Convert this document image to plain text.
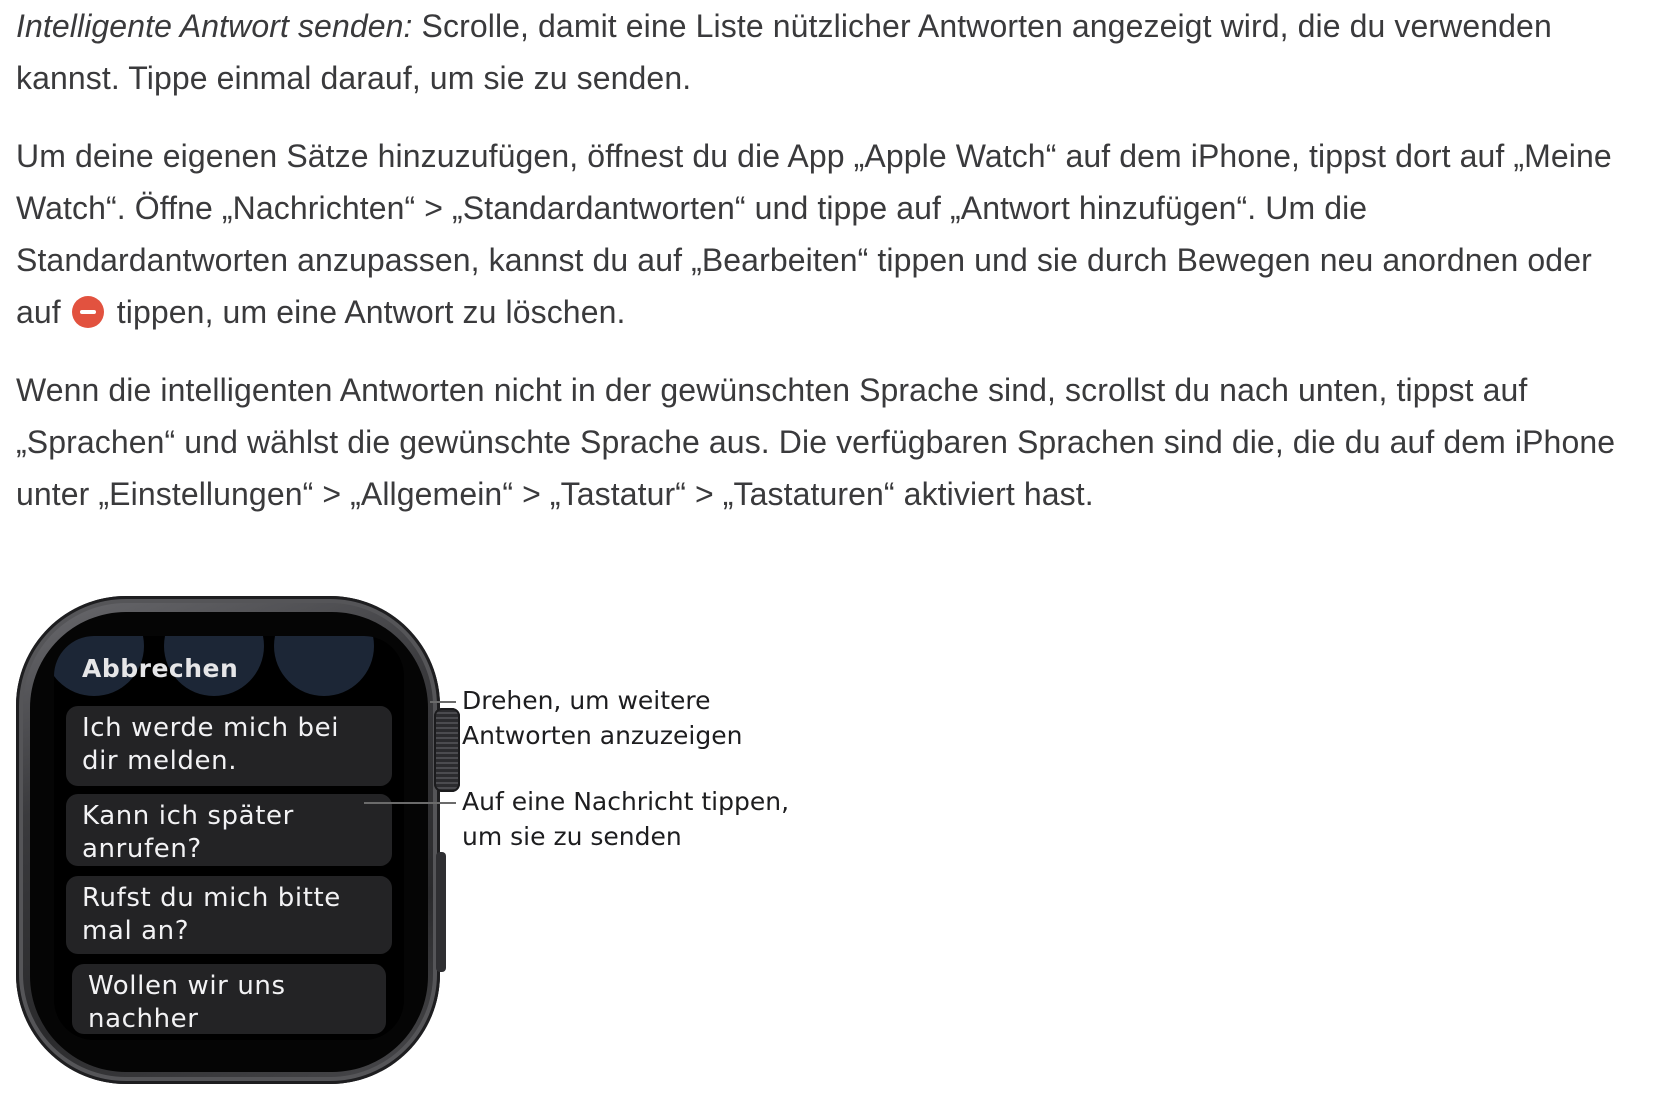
Intelligente Antwort senden: Scrolle, damit eine Liste nützlicher Antworten angezeigt wird, die du verwenden kannst. Tippe einmal darauf, um sie zu senden.

Um deine eigenen Sätze hinzuzufügen, öffnest du die App „Apple Watch“ auf dem iPhone, tippst dort auf „Meine Watch“. Öffne „Nachrichten“ > „Standardantworten“ und tippe auf „Antwort hinzufügen“. Um die Standardantworten anzupassen, kannst du auf „Bearbeiten“ tippen und sie durch Bewegen neu anordnen oder auf  tippen, um eine Antwort zu löschen.

Wenn die intelligenten Antworten nicht in der gewünschten Sprache sind, scrollst du nach unten, tippst auf „Sprachen“ und wählst die gewünschte Sprache aus. Die verfügbaren Sprachen sind die, die du auf dem iPhone unter „Einstellungen“ > „Allgemein“ > „Tastatur“ > „Tastaturen“ aktiviert hast.

Abbrechen
Ich werde mich bei dir melden.
Kann ich später anrufen?
Rufst du mich bitte mal an?
Wollen wir uns nachher
Drehen, um weitere
Antworten anzuzeigen
Auf eine Nachricht tippen,
um sie zu senden
